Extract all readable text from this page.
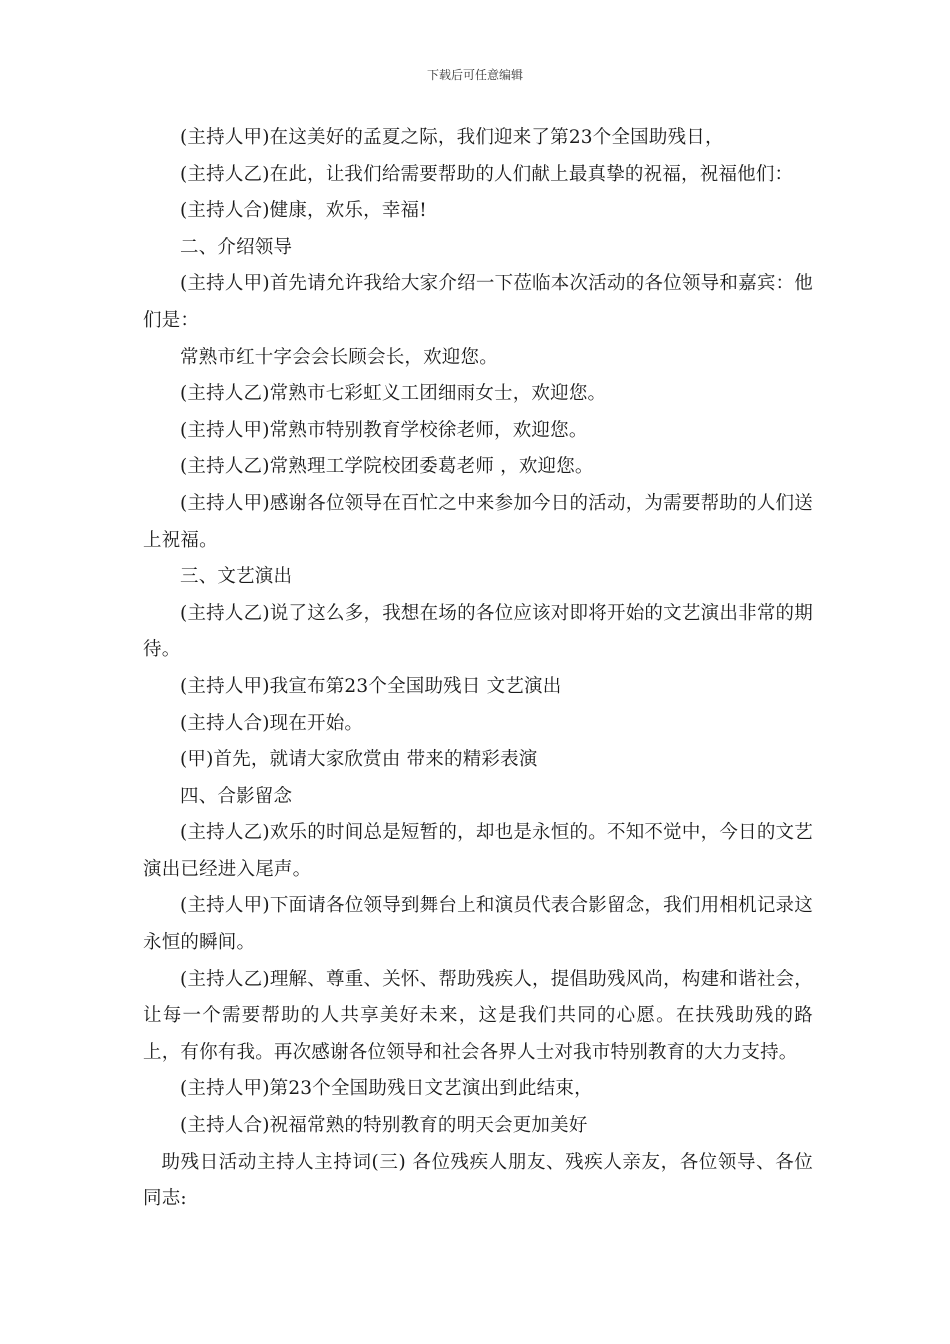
下载后可任意编辑

(主持人甲)在这美好的孟夏之际，我们迎来了第23个全国助残日，

(主持人乙)在此，让我们给需要帮助的人们献上最真挚的祝福，祝福他们：

(主持人合)健康，欢乐，幸福!

二、介绍领导

(主持人甲)首先请允许我给大家介绍一下莅临本次活动的各位领导和嘉宾：他们是：

常熟市红十字会会长顾会长，欢迎您。

(主持人乙)常熟市七彩虹义工团细雨女士，欢迎您。

(主持人甲)常熟市特别教育学校徐老师，欢迎您。

(主持人乙)常熟理工学院校团委葛老师 ，欢迎您。

(主持人甲)感谢各位领导在百忙之中来参加今日的活动，为需要帮助的人们送上祝福。

三、文艺演出

(主持人乙)说了这么多，我想在场的各位应该对即将开始的文艺演出非常的期待。

(主持人甲)我宣布第23个全国助残日 文艺演出

(主持人合)现在开始。

(甲)首先，就请大家欣赏由 带来的精彩表演

四、合影留念

(主持人乙)欢乐的时间总是短暂的，却也是永恒的。不知不觉中，今日的文艺演出已经进入尾声。

(主持人甲)下面请各位领导到舞台上和演员代表合影留念，我们用相机记录这永恒的瞬间。

(主持人乙)理解、尊重、关怀、帮助残疾人，提倡助残风尚，构建和谐社会，让每一个需要帮助的人共享美好未来，这是我们共同的心愿。在扶残助残的路上，有你有我。再次感谢各位领导和社会各界人士对我市特别教育的大力支持。

(主持人甲)第23个全国助残日文艺演出到此结束，

(主持人合)祝福常熟的特别教育的明天会更加美好

助残日活动主持人主持词(三) 各位残疾人朋友、残疾人亲友，各位领导、各位同志:
